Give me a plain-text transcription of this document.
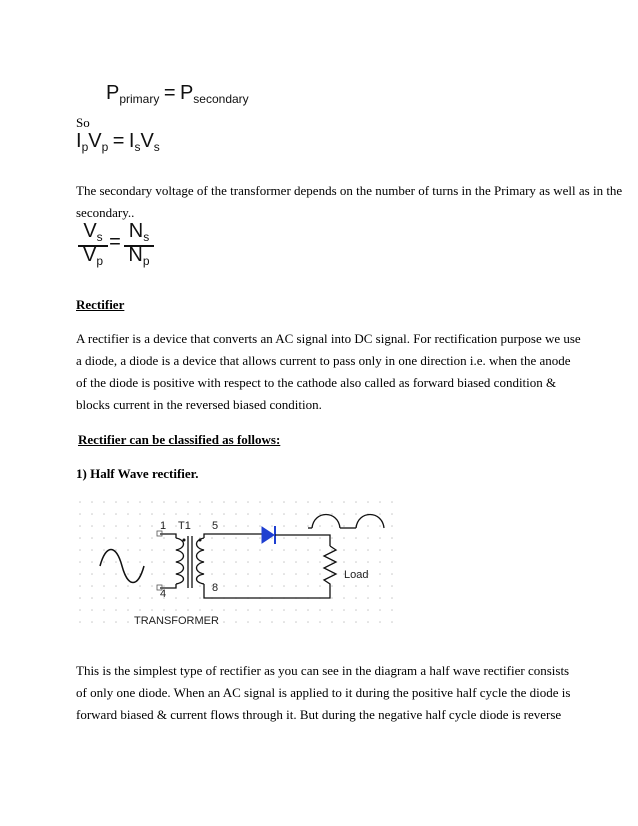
$P_{primary} = P_{secondary}$
So
$I_pV_p = I_sV_s$
The secondary voltage of the transformer depends on the number of turns in the Primary as well as in the
secondary..
$V_s$
$V_p$
= $N_s$
$N_p$
Rectifier
A rectifier is a device that converts an AC signal into DC signal. For rectification purpose we use
a diode, a diode is a device that allows current to pass only in one direction i.e. when the anode
of the diode is positive with respect to the cathode also called as forward biased condition &
blocks current in the reversed biased condition.
Rectifier can be classified as follows:
1) Half Wave rectifier.
1 T1 5
4	8
Load
TRANSFORMER
This is the simplest type of rectifier as you can see in the diagram a half wave rectifier consists
of only one diode. When an AC signal is applied to it during the positive half cycle the diode is
forward biased & current flows through it. But during the negative half cycle diode is reverse
